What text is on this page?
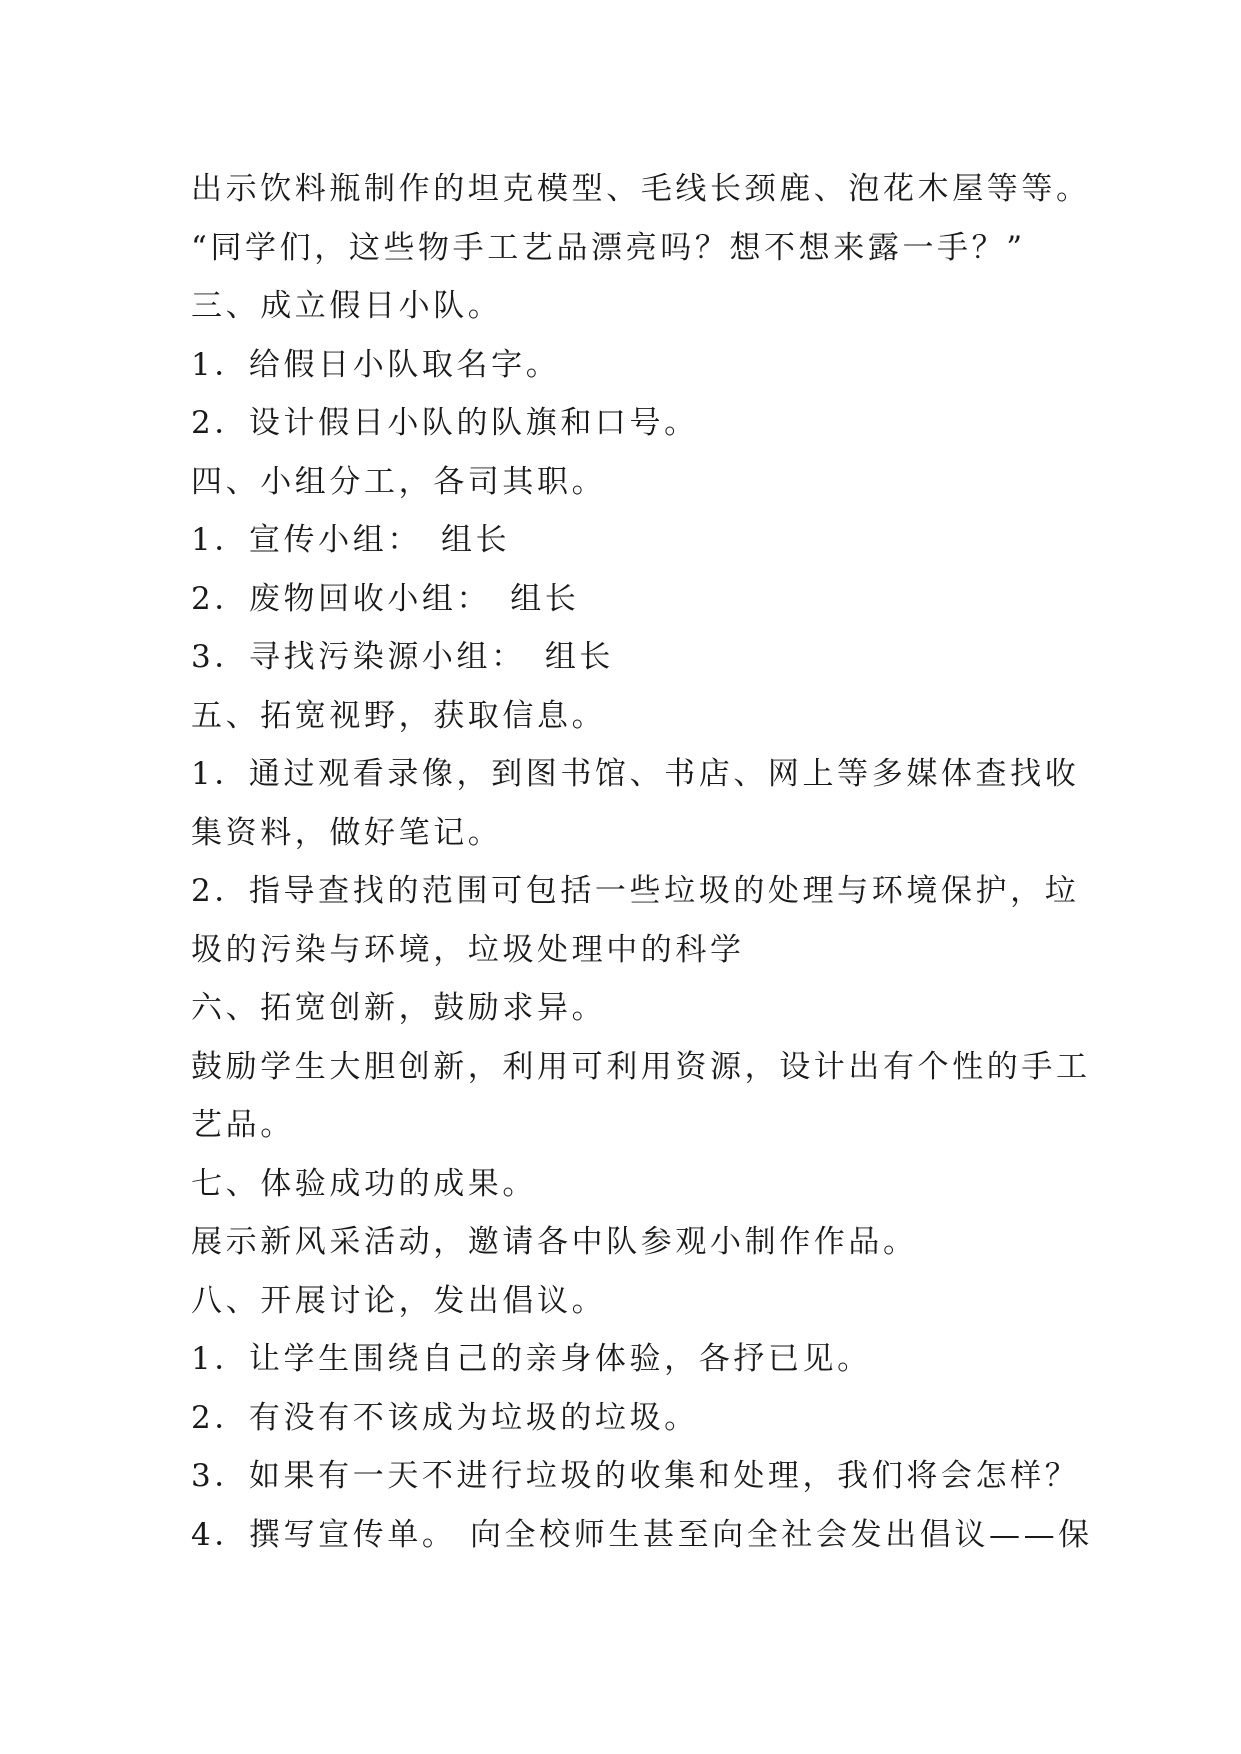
出示饮料瓶制作的坦克模型、毛线长颈鹿、泡花木屋等等。
“同学们，这些物手工艺品漂亮吗？想不想来露一手？”
三、成立假日小队。
1．给假日小队取名字。
2．设计假日小队的队旗和口号。
四、小组分工，各司其职。
1．宣传小组：　组长
2．废物回收小组：　组长
3．寻找污染源小组：　组长
五、拓宽视野，获取信息。
1．通过观看录像，到图书馆、书店、网上等多媒体查找收
集资料，做好笔记。
2．指导查找的范围可包括一些垃圾的处理与环境保护，垃
圾的污染与环境，垃圾处理中的科学
六、拓宽创新，鼓励求异。
鼓励学生大胆创新，利用可利用资源，设计出有个性的手工
艺品。
七、体验成功的成果。
展示新风采活动，邀请各中队参观小制作作品。
八、开展讨论，发出倡议。
1．让学生围绕自己的亲身体验，各抒已见。
2．有没有不该成为垃圾的垃圾。
3．如果有一天不进行垃圾的收集和处理，我们将会怎样？
4．撰写宣传单。 向全校师生甚至向全社会发出倡议——保
